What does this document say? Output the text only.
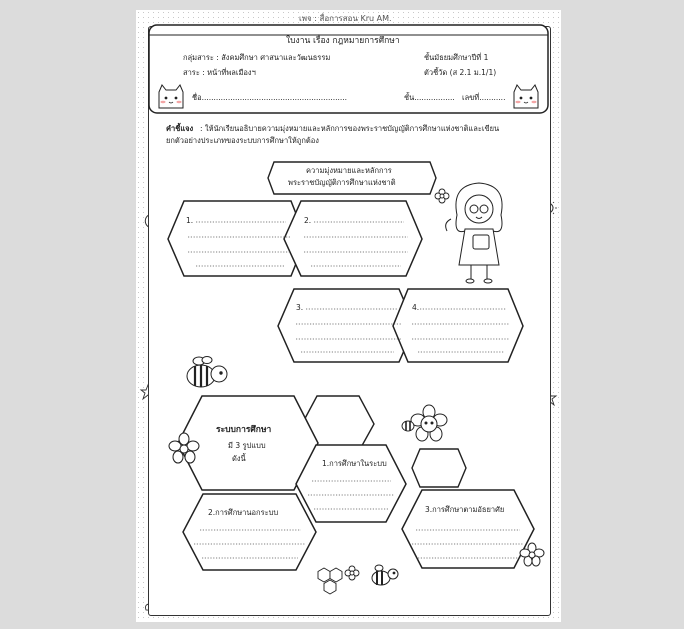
เพจ : สื่อการสอน Kru AM.
ใบงาน เรื่อง กฎหมายการศึกษา
กลุ่มสาระ : สังคมศึกษา ศาสนาและวัฒนธรรม	ชั้นมัธยมศึกษาปีที่ 1
สาระ : หน้าที่พลเมืองฯ	ตัวชี้วัด (ส 2.1 ม.1/1)
ชื่อ.............................................................	ชั้น................. เลขที่...........
คำชี้แจง : ให้นักเรียนอธิบายความมุ่งหมายและหลักการของพระราชบัญญัติการศึกษาแห่งชาติและเขียน
ยกตัวอย่างประเภทของระบบการศึกษาให้ถูกต้อง
ความมุ่งหมายและหลักการ
พระราชบัญญัติการศึกษาแห่งชาติ
1.	2.
3.	4.
ระบบการศึกษา
มี 3 รูปแบบ
ดังนี้
1.การศึกษาในระบบ
2.การศึกษานอกระบบ	3.การศึกษาตามอัธยาศัย
